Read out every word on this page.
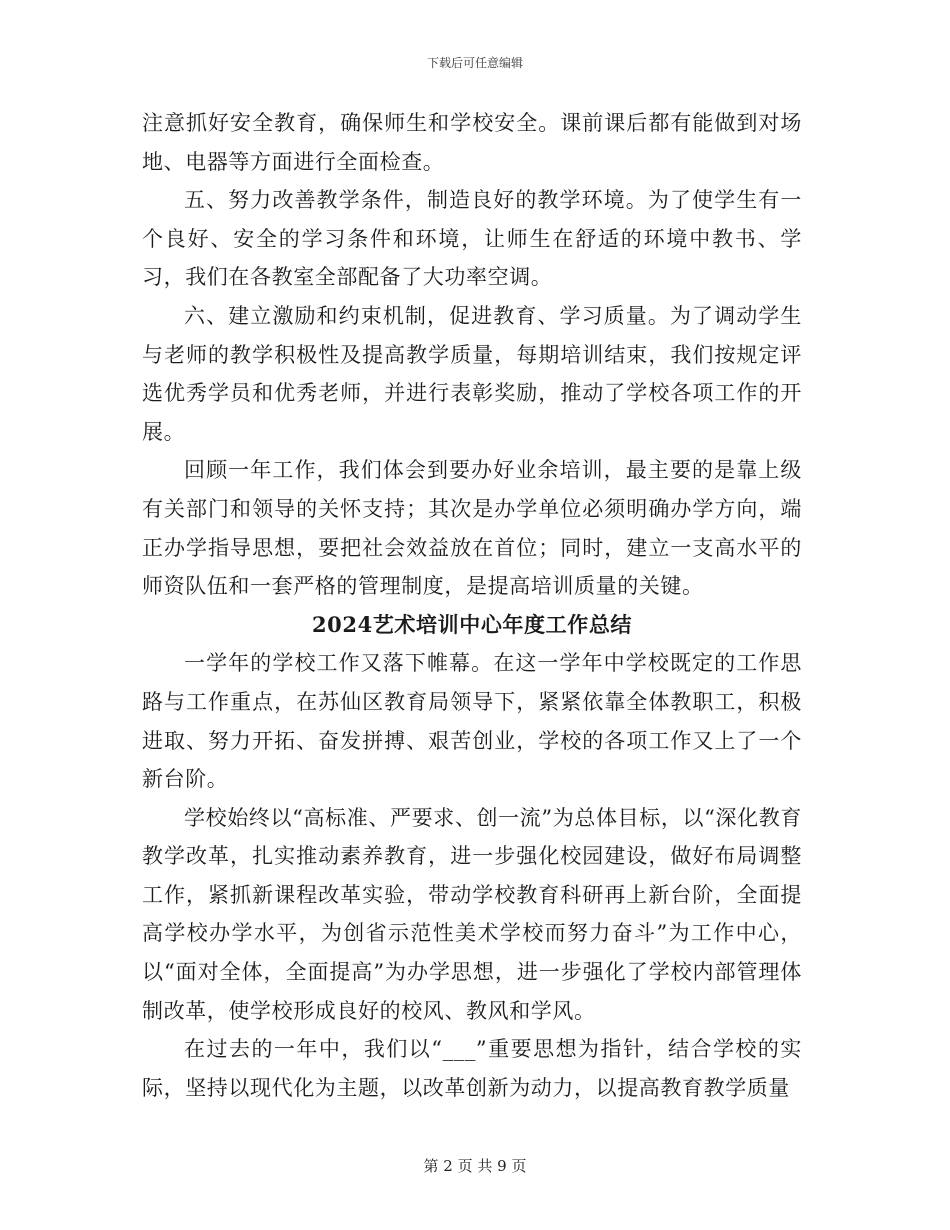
下载后可任意编辑

注意抓好安全教育，确保师生和学校安全。课前课后都有能做到对场地、电器等方面进行全面检查。

五、努力改善教学条件，制造良好的教学环境。为了使学生有一个良好、安全的学习条件和环境，让师生在舒适的环境中教书、学习，我们在各教室全部配备了大功率空调。

六、建立激励和约束机制，促进教育、学习质量。为了调动学生与老师的教学积极性及提高教学质量，每期培训结束，我们按规定评选优秀学员和优秀老师，并进行表彰奖励，推动了学校各项工作的开展。

回顾一年工作，我们体会到要办好业余培训，最主要的是靠上级有关部门和领导的关怀支持；其次是办学单位必须明确办学方向，端正办学指导思想，要把社会效益放在首位；同时，建立一支高水平的师资队伍和一套严格的管理制度，是提高培训质量的关键。

2024艺术培训中心年度工作总结

一学年的学校工作又落下帷幕。在这一学年中学校既定的工作思路与工作重点，在苏仙区教育局领导下，紧紧依靠全体教职工，积极进取、努力开拓、奋发拼搏、艰苦创业，学校的各项工作又上了一个新台阶。

学校始终以“高标准、严要求、创一流”为总体目标，以“深化教育教学改革，扎实推动素养教育，进一步强化校园建设，做好布局调整工作，紧抓新课程改革实验，带动学校教育科研再上新台阶，全面提高学校办学水平，为创省示范性美术学校而努力奋斗”为工作中心，以“面对全体，全面提高”为办学思想，进一步强化了学校内部管理体制改革，使学校形成良好的校风、教风和学风。

在过去的一年中，我们以“___”重要思想为指针，结合学校的实际，坚持以现代化为主题，以改革创新为动力，以提高教育教学质量

第 2 页 共 9 页
